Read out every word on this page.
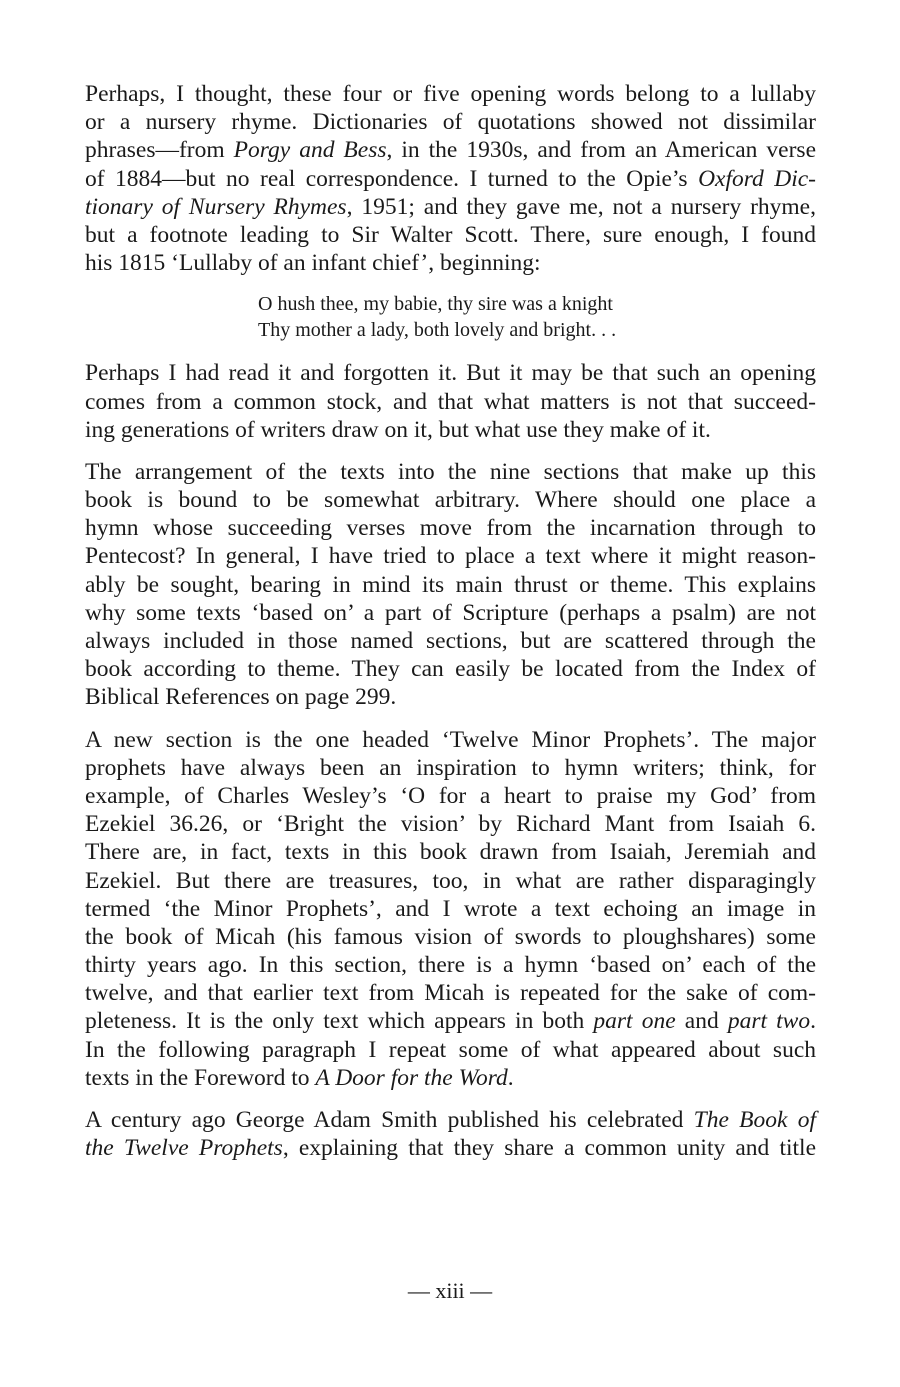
Perhaps, I thought, these four or five opening words belong to a lullaby
or a nursery rhyme. Dictionaries of quotations showed not dissimilar
phrases—from Porgy and Bess, in the 1930s, and from an American verse
of 1884—but no real correspondence. I turned to the Opie’s Oxford Dic-
tionary of Nursery Rhymes, 1951; and they gave me, not a nursery rhyme,
but a footnote leading to Sir Walter Scott. There, sure enough, I found
his 1815 ‘Lullaby of an infant chief’, beginning:
O hush thee, my babie, thy sire was a knight
Thy mother a lady, both lovely and bright. . .
Perhaps I had read it and forgotten it. But it may be that such an opening
comes from a common stock, and that what matters is not that succeed-
ing generations of writers draw on it, but what use they make of it.
The arrangement of the texts into the nine sections that make up this
book is bound to be somewhat arbitrary. Where should one place a
hymn whose succeeding verses move from the incarnation through to
Pentecost? In general, I have tried to place a text where it might reason-
ably be sought, bearing in mind its main thrust or theme. This explains
why some texts ‘based on’ a part of Scripture (perhaps a psalm) are not
always included in those named sections, but are scattered through the
book according to theme. They can easily be located from the Index of
Biblical References on page 299.
A new section is the one headed ‘Twelve Minor Prophets’. The major
prophets have always been an inspiration to hymn writers; think, for
example, of Charles Wesley’s ‘O for a heart to praise my God’ from
Ezekiel 36.26, or ‘Bright the vision’ by Richard Mant from Isaiah 6.
There are, in fact, texts in this book drawn from Isaiah, Jeremiah and
Ezekiel. But there are treasures, too, in what are rather disparagingly
termed ‘the Minor Prophets’, and I wrote a text echoing an image in
the book of Micah (his famous vision of swords to ploughshares) some
thirty years ago. In this section, there is a hymn ‘based on’ each of the
twelve, and that earlier text from Micah is repeated for the sake of com-
pleteness. It is the only text which appears in both part one and part two.
In the following paragraph I repeat some of what appeared about such
texts in the Foreword to A Door for the Word.
A century ago George Adam Smith published his celebrated The Book of
the Twelve Prophets, explaining that they share a common unity and title
— xiii —
